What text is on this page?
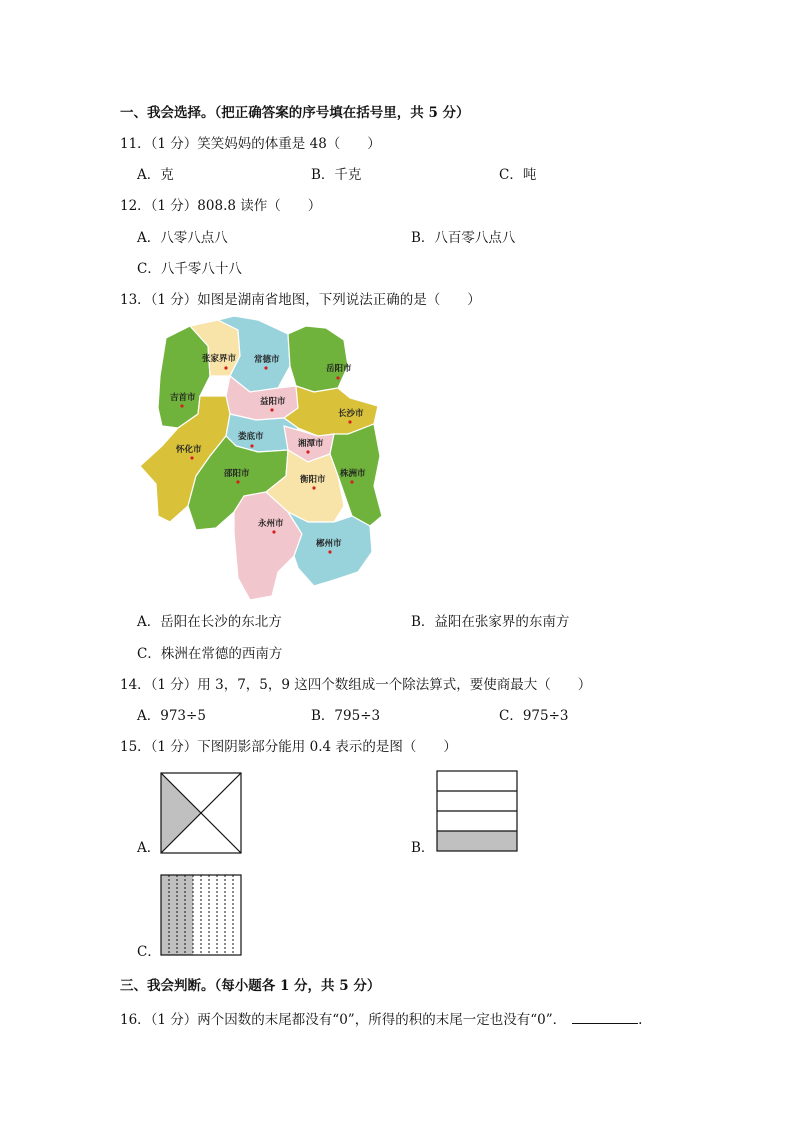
一、我会选择。（把正确答案的序号填在括号里，共 5 分）
11．（1 分）笑笑妈妈的体重是 48（　　）
A．克	B．千克	C．吨
12．（1 分）808.8 读作（　　）
A．八零八点八	B．八百零八点八
C．八千零八十八
13．（1 分）如图是湖南省地图，下列说法正确的是（　　）
张家界市 常德市
岳阳市
吉首市	益阳市
长沙市
娄底市
湘潭市
怀化市
邵阳市
衡阳市
株洲市
永州市
郴州市
A．岳阳在长沙的东北方	B．益阳在张家界的东南方
C．株洲在常德的西南方
14．（1 分）用 3，7，5，9 这四个数组成一个除法算式，要使商最大（　　）
A．973÷5	B．795÷3	C．975÷3
15．（1 分）下图阴影部分能用 0.4 表示的是图（　　）
A．	B．
C．
三、我会判断。（每小题各 1 分，共 5 分）
16．（1 分）两个因数的末尾都没有“0”，所得的积的末尾一定也没有“0”．	.
